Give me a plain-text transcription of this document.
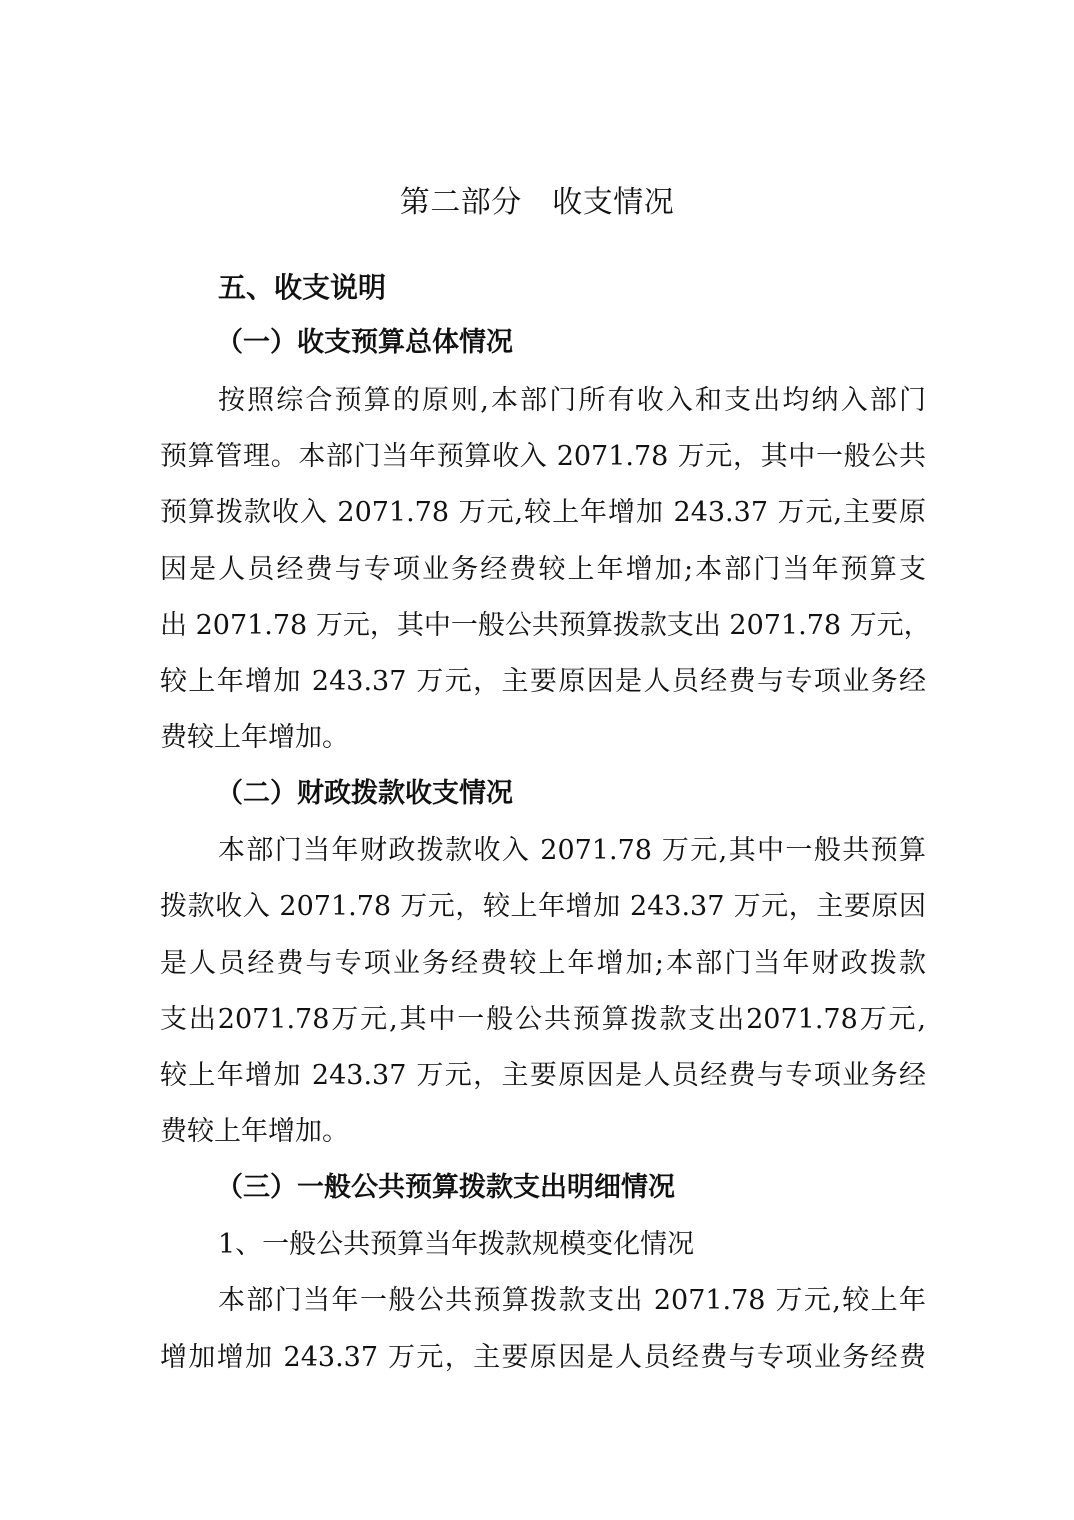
第二部分　收支情况
五、收支说明
（一）收支预算总体情况
按照综合预算的原则,本部门所有收入和支出均纳入部门
预算管理。本部门当年预算收入 2071.78 万元，其中一般公共
预算拨款收入 2071.78 万元,较上年增加 243.37 万元,主要原
因是人员经费与专项业务经费较上年增加;本部门当年预算支
出 2071.78 万元，其中一般公共预算拨款支出 2071.78 万元，
较上年增加 243.37 万元，主要原因是人员经费与专项业务经
费较上年增加。
（二）财政拨款收支情况
本部门当年财政拨款收入 2071.78 万元,其中一般共预算
拨款收入 2071.78 万元，较上年增加 243.37 万元，主要原因
是人员经费与专项业务经费较上年增加;本部门当年财政拨款
支出2071.78万元,其中一般公共预算拨款支出2071.78万元,
较上年增加 243.37 万元，主要原因是人员经费与专项业务经
费较上年增加。
（三）一般公共预算拨款支出明细情况
1、一般公共预算当年拨款规模变化情况
本部门当年一般公共预算拨款支出 2071.78 万元,较上年
增加增加 243.37 万元，主要原因是人员经费与专项业务经费
